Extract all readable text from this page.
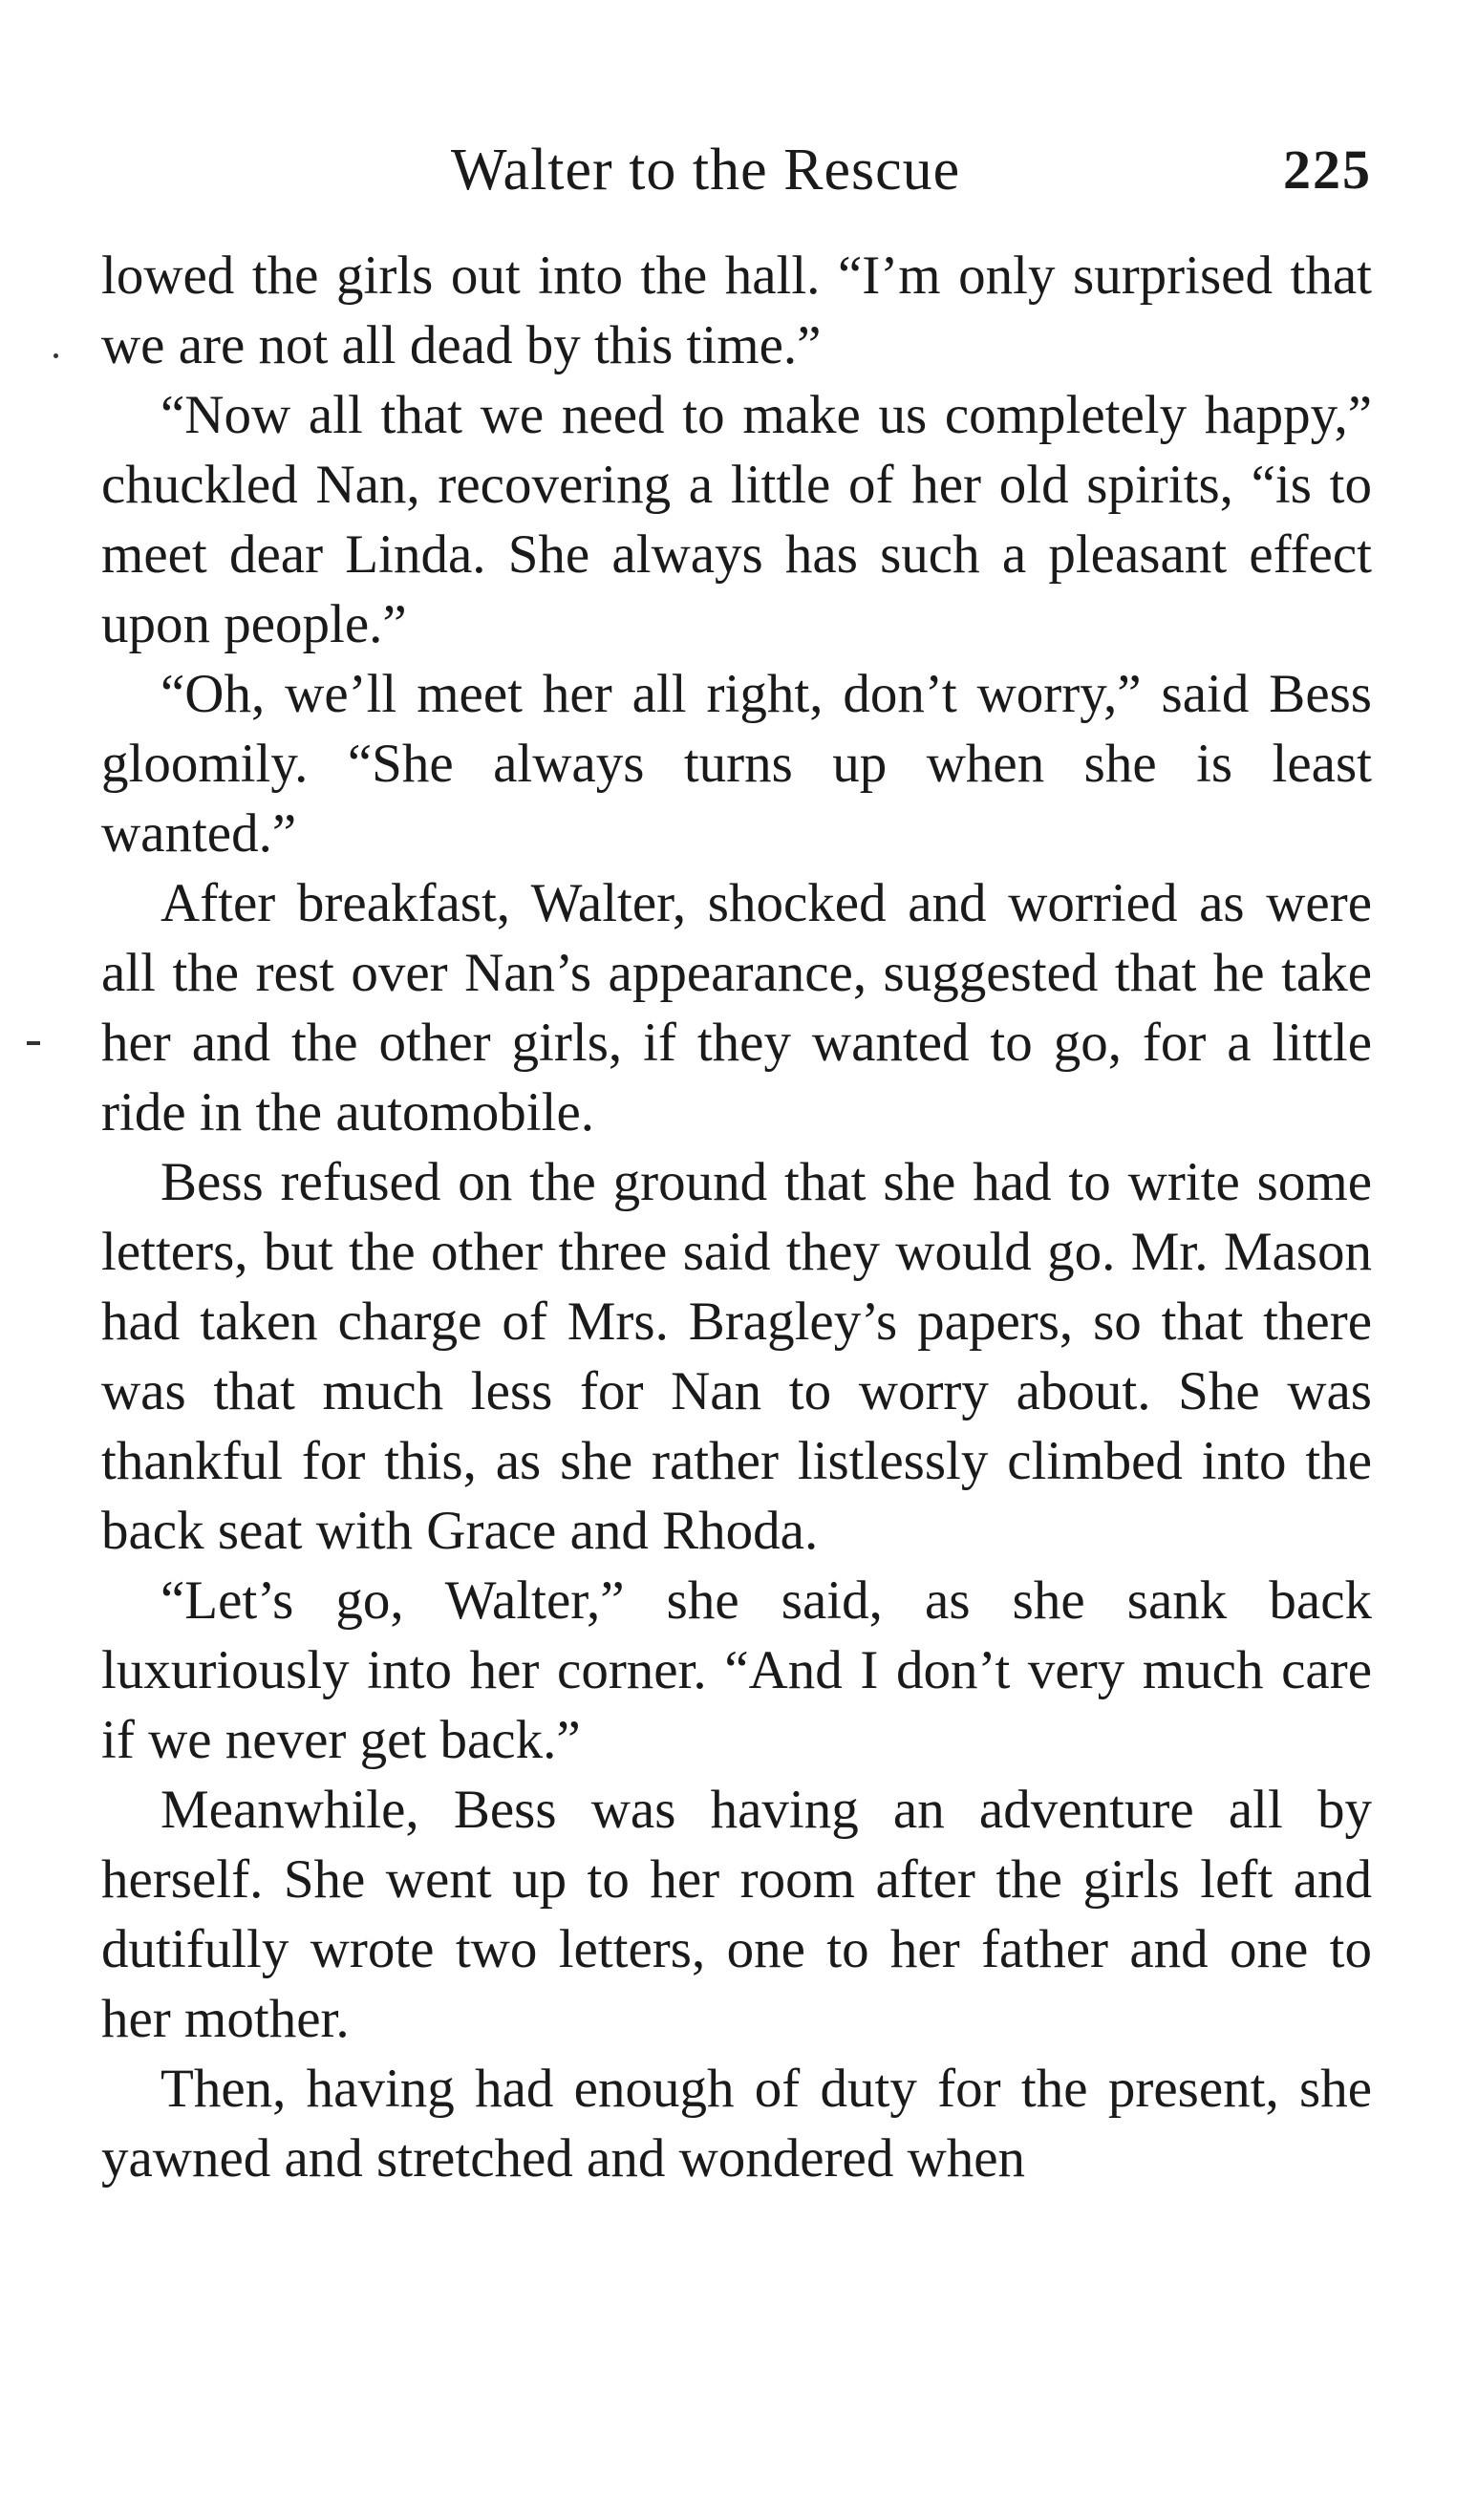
Walter to the Rescue	225

lowed the girls out into the hall. “I’m only surprised that we are not all dead by this time.”

“Now all that we need to make us completely happy,” chuckled Nan, recovering a little of her old spirits, “is to meet dear Linda. She always has such a pleasant effect upon people.”

“Oh, we’ll meet her all right, don’t worry,” said Bess gloomily. “She always turns up when she is least wanted.”

After breakfast, Walter, shocked and worried as were all the rest over Nan’s appearance, suggested that he take her and the other girls, if they wanted to go, for a little ride in the automobile.

Bess refused on the ground that she had to write some letters, but the other three said they would go. Mr. Mason had taken charge of Mrs. Bragley’s papers, so that there was that much less for Nan to worry about. She was thankful for this, as she rather listlessly climbed into the back seat with Grace and Rhoda.

“Let’s go, Walter,” she said, as she sank back luxuriously into her corner. “And I don’t very much care if we never get back.”

Meanwhile, Bess was having an adventure all by herself. She went up to her room after the girls left and dutifully wrote two letters, one to her father and one to her mother.

Then, having had enough of duty for the present, she yawned and stretched and wondered when
